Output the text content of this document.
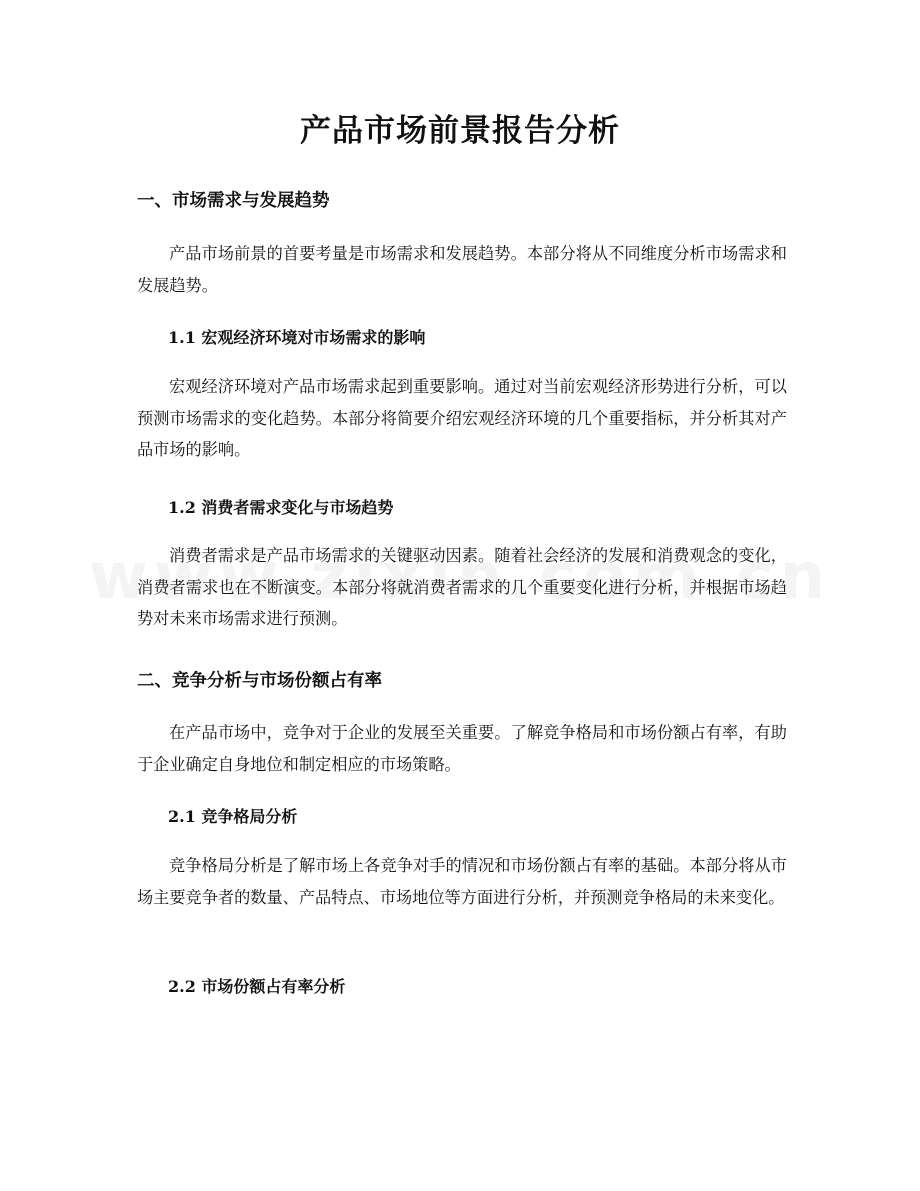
产品市场前景报告分析
一、市场需求与发展趋势

产品市场前景的首要考量是市场需求和发展趋势。本部分将从不同维度分析市场需求和发展趋势。

1.1 宏观经济环境对市场需求的影响

宏观经济环境对产品市场需求起到重要影响。通过对当前宏观经济形势进行分析，可以预测市场需求的变化趋势。本部分将简要介绍宏观经济环境的几个重要指标，并分析其对产品市场的影响。

1.2 消费者需求变化与市场趋势

消费者需求是产品市场需求的关键驱动因素。随着社会经济的发展和消费观念的变化，消费者需求也在不断演变。本部分将就消费者需求的几个重要变化进行分析，并根据市场趋势对未来市场需求进行预测。

二、竞争分析与市场份额占有率

在产品市场中，竞争对于企业的发展至关重要。了解竞争格局和市场份额占有率，有助于企业确定自身地位和制定相应的市场策略。

2.1 竞争格局分析

竞争格局分析是了解市场上各竞争对手的情况和市场份额占有率的基础。本部分将从市场主要竞争者的数量、产品特点、市场地位等方面进行分析，并预测竞争格局的未来变化。

2.2 市场份额占有率分析
